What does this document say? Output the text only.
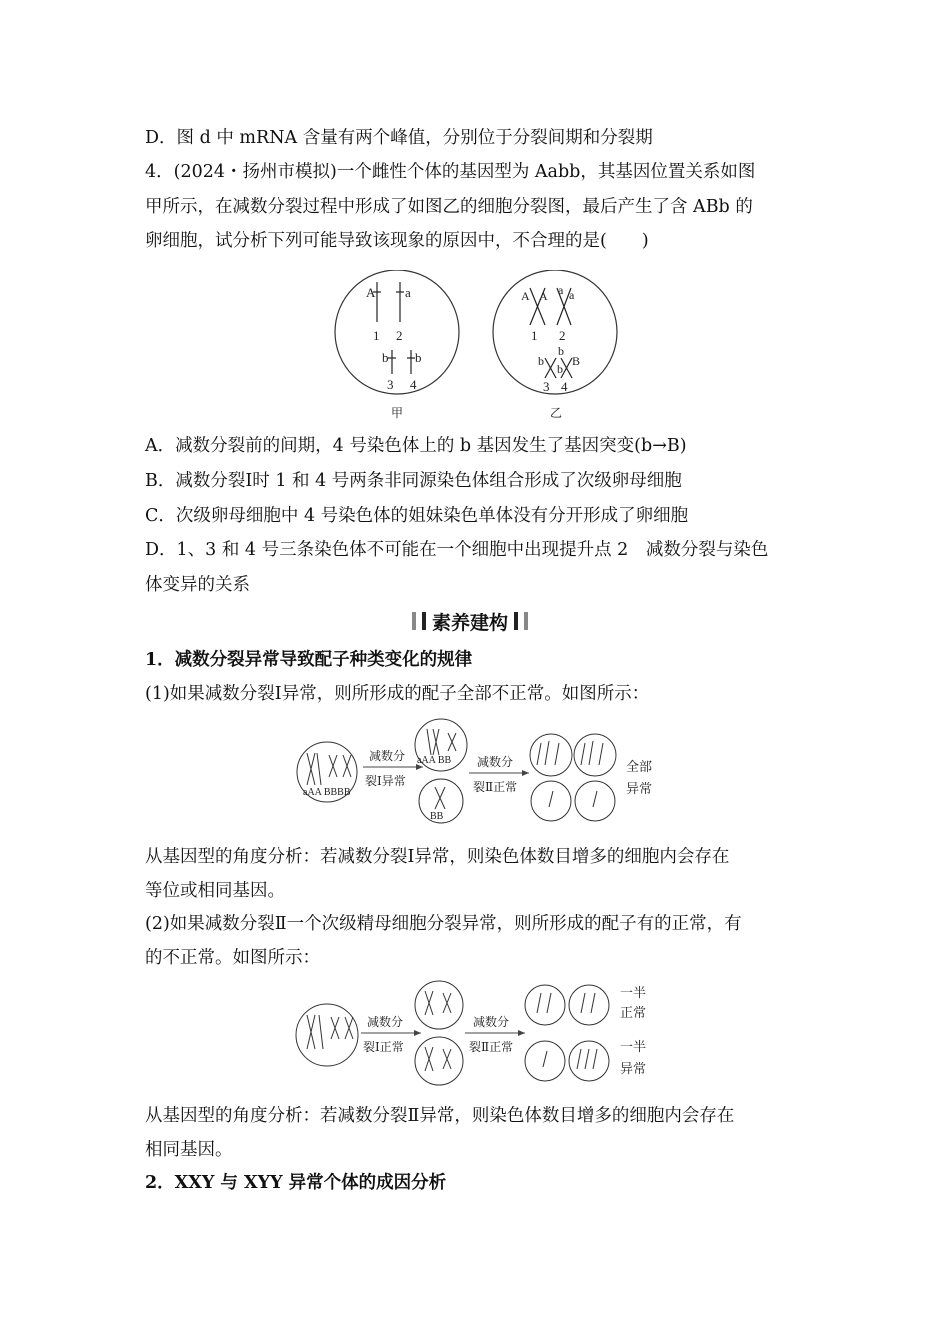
D．图 d 中 mRNA 含量有两个峰值，分别位于分裂间期和分裂期
4．(2024・扬州市模拟)一个雌性个体的基因型为 Aabb，其基因位置关系如图
甲所示，在减数分裂过程中形成了如图乙的细胞分裂图，最后产生了含 ABb 的
卵细胞，试分析下列可能导致该现象的原因中，不合理的是(　　)
A a
1 2
b b
3 4
甲
A A a a
1 2
b
b
b
B
3 4
乙
A．减数分裂前的间期，4 号染色体上的 b 基因发生了基因突变(b→B)
B．减数分裂Ⅰ时 1 和 4 号两条非同源染色体组合形成了次级卵母细胞
C．次级卵母细胞中 4 号染色体的姐妹染色单体没有分开形成了卵细胞
D．1、3 和 4 号三条染色体不可能在一个细胞中出现提升点 2　减数分裂与染色
体变异的关系
素养建构
1．减数分裂异常导致配子种类变化的规律
(1)如果减数分裂Ⅰ异常，则所形成的配子全部不正常。如图所示：
aAA BBBB
减数分
裂Ⅰ异常
aAA BB
BB
减数分
裂Ⅱ正常
全部
异常
从基因型的角度分析：若减数分裂Ⅰ异常，则染色体数目增多的细胞内会存在
等位或相同基因。
(2)如果减数分裂Ⅱ一个次级精母细胞分裂异常，则所形成的配子有的正常，有
的不正常。如图所示：
减数分
裂Ⅰ正常
减数分
裂Ⅱ正常
一半
正常
一半
异常
从基因型的角度分析：若减数分裂Ⅱ异常，则染色体数目增多的细胞内会存在
相同基因。
2．XXY 与 XYY 异常个体的成因分析
